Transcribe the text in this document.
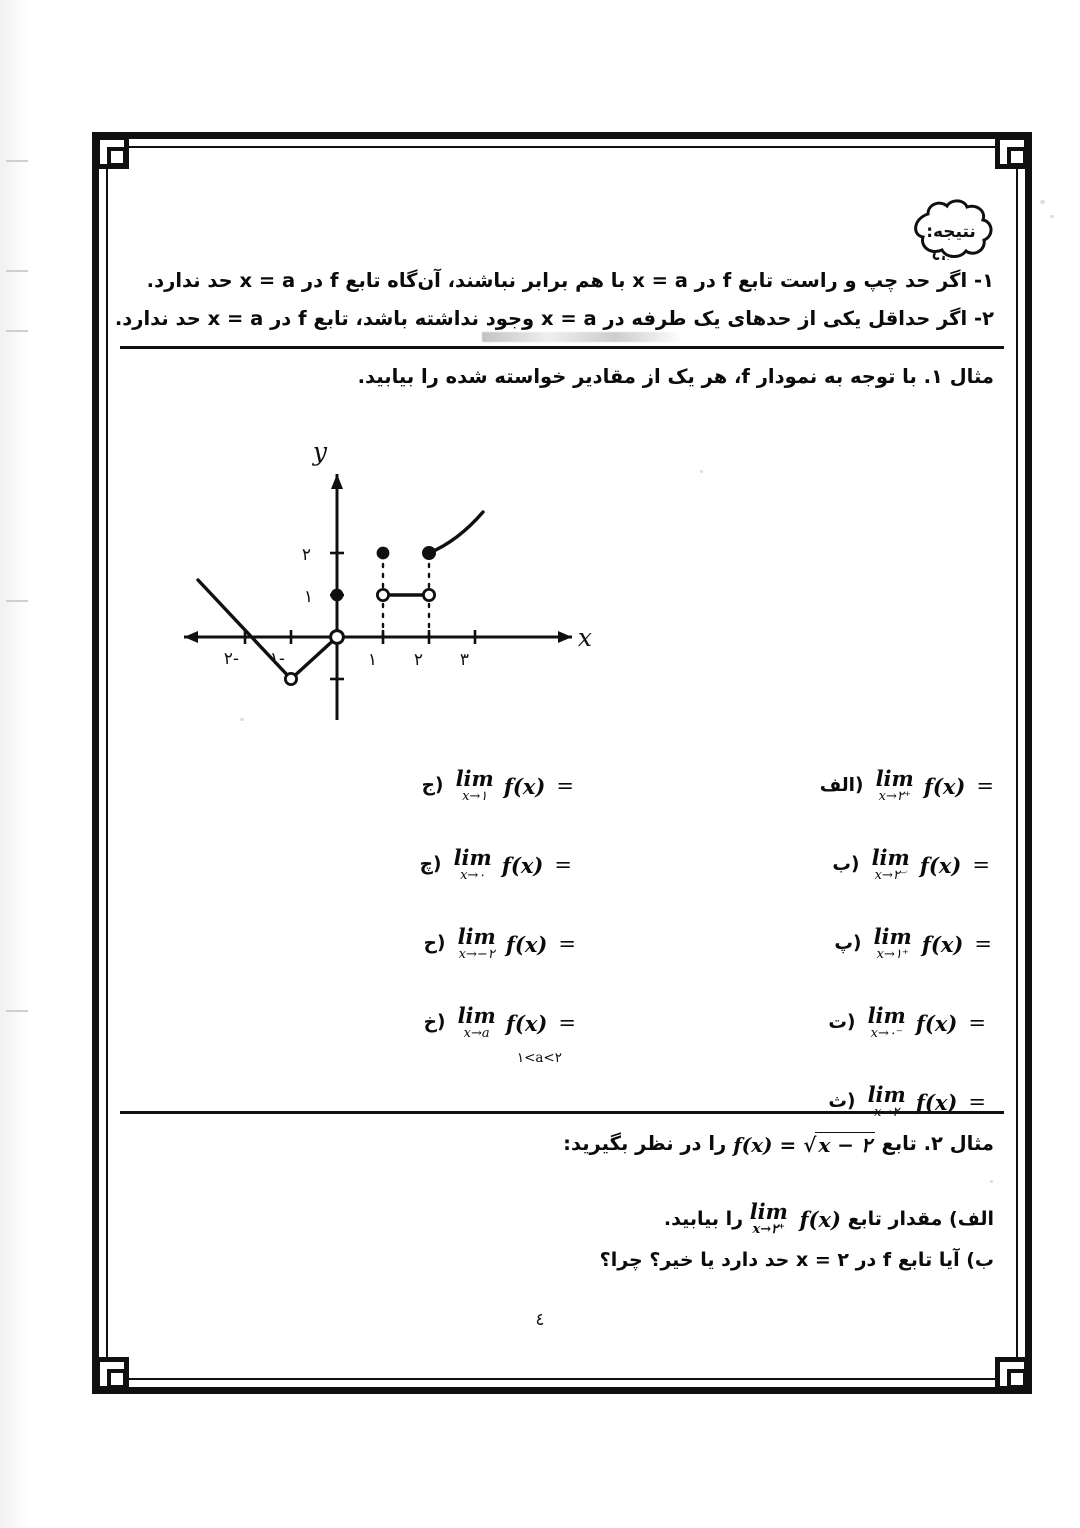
نتیجه:
۱- اگر حد چپ و راست تابع f در x = a با هم برابر نباشند، آن‌گاه تابع f در x = a حد ندارد.
۲- اگر حداقل یکی از حدهای یک طرفه در x = a وجود نداشته باشد، تابع f در x = a حد ندارد.
مثال ۱. با توجه به نمودار f، هر یک از مقادیر خواسته شده را بیابید.
-۲ -۱	۱ ۲ ۳
۲
۱
x
y
الف) lim
x→۲⁺ f(x) =
ب) lim
x→۲⁻ f(x) =
پ) lim
x→۱⁺ f(x) =
ت) lim
x→۰⁻ f(x) =
ث) lim
x→۲ f(x) =
ج) lim
x→۱ f(x) =
چ) lim
x→۰ f(x) =
ح) lim
x→−۲ f(x) =
خ) lim
x→a f(x) =
۱<a<۲
مثال ۲. تابع f(x) = √ x − ۲ را در نظر بگیرید:
الف) مقدار تابع
lim
x→۲⁺ f(x) را بیابید.
ب) آیا تابع f در x = ۲ حد دارد یا خیر؟ چرا؟
٤
